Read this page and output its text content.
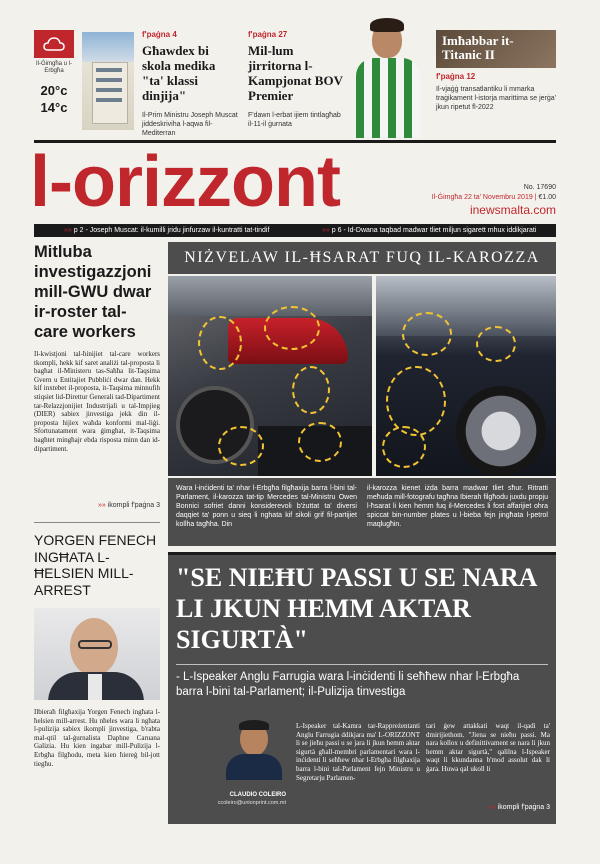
Il-Ġimgħa u l-Erbgħa
20°c
14°c
f'paġna 4
Għawdex bi skola medika "ta' klassi dinjija"
Il-Prim Ministru Joseph Muscat jiddeskriviha l-aqwa fil-Mediterran
f'paġna 27
Mil-lum jirritorna l-Kampjonat BOV Premier
F'dawn l-erbat ijiem tintlagħab il-11-il ġurnata
Imħabbar it-Titanic II
f'paġna 12
Il-vjaġġ transatlantiku li mmarka traġikament l-istorja marittima se jerġa' jkun ripetut fl-2022
l-orizzont	No. 17690
Il-Ġimgħa 22 ta' Novembru 2019 | €1.00
inewsmalta.com
»» p 2 - Joseph Muscat: il-kumilli jridu jinfurzaw il-kuntratti tat-tindif	»» p 6 - Id-Dwana taqbad madwar tliet miljun sigarett mhux iddikjarati
Mitluba investigazzjoni mill-GWU dwar ir-roster tal-care workers
Il-kwistjoni tal-ħinijiet tal-care workers tkompli, hekk kif saret analiżi tal-proposta li bagħat il-Ministeru tas-Saħħa lit-Taqsima Gvern u Entitajiet Pubbliċi dwar dan. Hekk kif inxtebet il-proposta, it-Taqsima minnufih stiqsiet lid-Direttur Ġenerali tad-Dipartiment tar-Relazzjonijiet Industrijali u tal-Impjieg (DIER) sabiex jinvestiga jekk din il-proposta hijiex waħda konformi mal-liġi. Sfortunatament wara ġimgħat, it-Taqsima bagħtet mingħajr ebda risposta minn dan id-dipartiment.
»» ikompli f'paġna 3
YORGEN FENECH INGĦATA L-ĦELSIEN MILL-ARREST
Ilbieraħ filgħaxija Yorgen Fenech ingħata l-ħelsien mill-arrest. Hu nħeles wara li ngħata l-pulizija sabiex ikompli jinvestiga, b'rabta mal-qtil tal-ġurnalista Daphne Caruana Galizia. Hu kien ingabar mill-Pulizija l-Erbgħa filgħodu, meta kien ħiereġ bil-jott tiegħu.
NIŻVELAW IL-ĦSARAT FUQ IL-KAROZZA
Wara l-inċidenti ta' nhar l-Erbgħa filgħaxija barra l-bini tal-Parlament, il-karozza tat-tip Mercedes tal-Ministru Owen Bonnici sofriet danni konsiderevoli b'żuttat ta' diversi daqqiet ta' ponn u sieq li nghata kif sikoli grif fil-partijiet kollha tagħha. Din
il-karozza kienet iżda barra madwar tliet sħur. Ritratti meħuda mill-fotografu tagħna Ibierah filgħodu juxdu propju l-ħsarat li kien hemm fuq il-Mercedes li fost affarijiet ohra spiccat bin-number plates u l-bieba fejn jingħata l-petrol maqlugħin.
"SE NIEĦU PASSI U SE NARA LI JKUN HEMM AKTAR SIGURTÀ"
- L-Ispeaker Anglu Farrugia wara l-inċidenti li seħħew nhar l-Erbgħa barra l-bini tal-Parlament; il-Pulizija tinvestiga
CLAUDIO COLEIRO
ccoleiro@unionprint.com.mt
L-Ispeaker tal-Kamra tar-Rappreżentanti Anglu Farrugia ddikjara ma' L-ORIZZONT li se jieħu passi u se jara li jkun hemm aktar sigurtà għall-membri parlamentari wara l-inċidenti li seħħew nhar l-Erbgħa filgħaxija barra l-bini tal-Parlament fejn Ministru u Segretarju Parlamen-
tari ġew attakkati waqt il-qadi ta' dmirijiethom. "Jiena se nieħu passi. Ma nara kollox u definittivament se nara li jkun hemm aktar sigurtà," qalilna l-Ispeaker waqt li kkundanna b'mod assolut dak li ġara. Huwa qal ukoll li
»» ikompli f'paġna 3
